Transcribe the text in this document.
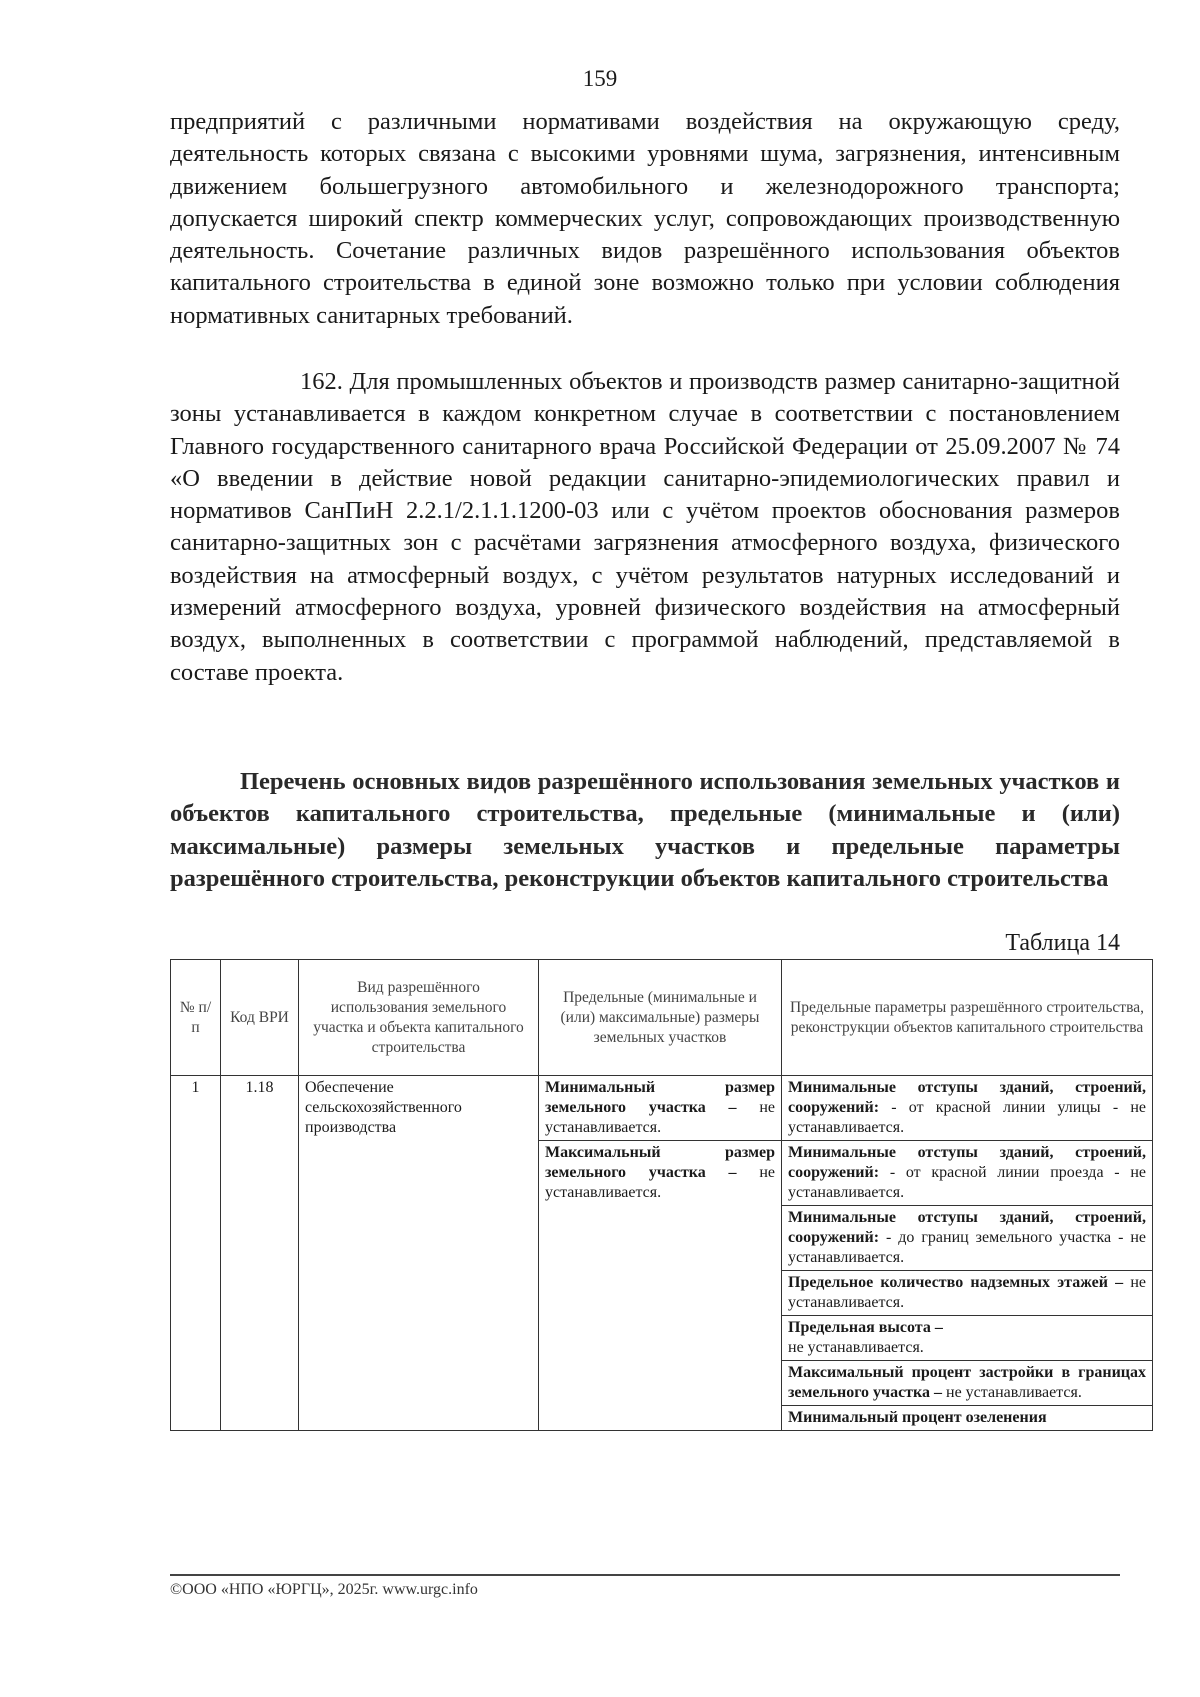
159

предприятий с различными нормативами воздействия на окружающую среду, деятельность которых связана с высокими уровнями шума, загрязнения, интенсивным движением большегрузного автомобильного и железнодорожного транспорта; допускается широкий спектр коммерческих услуг, сопровождающих производственную деятельность. Сочетание различных видов разрешённого использования объектов капитального строительства в единой зоне возможно только при условии соблюдения нормативных санитарных требований.

162. Для промышленных объектов и производств размер санитарно-защитной зоны устанавливается в каждом конкретном случае в соответствии с постановлением Главного государственного санитарного врача Российской Федерации от 25.09.2007 № 74 «О введении в действие новой редакции санитарно-эпидемиологических правил и нормативов СанПиН 2.2.1/2.1.1.1200-03 или с учётом проектов обоснования размеров санитарно-защитных зон с расчётами загрязнения атмосферного воздуха, физического воздействия на атмосферный воздух, с учётом результатов натурных исследований и измерений атмосферного воздуха, уровней физического воздействия на атмосферный воздух, выполненных в соответствии с программой наблюдений, представляемой в составе проекта.

Перечень основных видов разрешённого использования земельных участков и объектов капитального строительства, предельные (минимальные и (или) максимальные) размеры земельных участков и предельные параметры разрешённого строительства, реконструкции объектов капитального строительства
Таблица 14
№ п/п	Код ВРИ	Вид разрешённого использования земельного участка и объекта капитального строительства	Предельные (минимальные и (или) максимальные) размеры земельных участков	Предельные параметры разрешённого строительства, реконструкции объектов капитального строительства
1	1.18	Обеспечение сельскохозяйственного производства	Минимальный размер земельного участка – не устанавливается.	Минимальные отступы зданий, строений, сооружений: - от красной линии улицы - не устанавливается.
			Максимальный размер земельного участка – не устанавливается.	Минимальные отступы зданий, строений, сооружений: - от красной линии проезда - не устанавливается.
				Минимальные отступы зданий, строений, сооружений: - до границ земельного участка - не устанавливается.
				Предельное количество надземных этажей – не устанавливается.
				Предельная высота –
не устанавливается.
				Максимальный процент застройки в границах земельного участка – не устанавливается.
				Минимальный процент озеленения
©ООО «НПО «ЮРГЦ», 2025г. www.urgc.info
